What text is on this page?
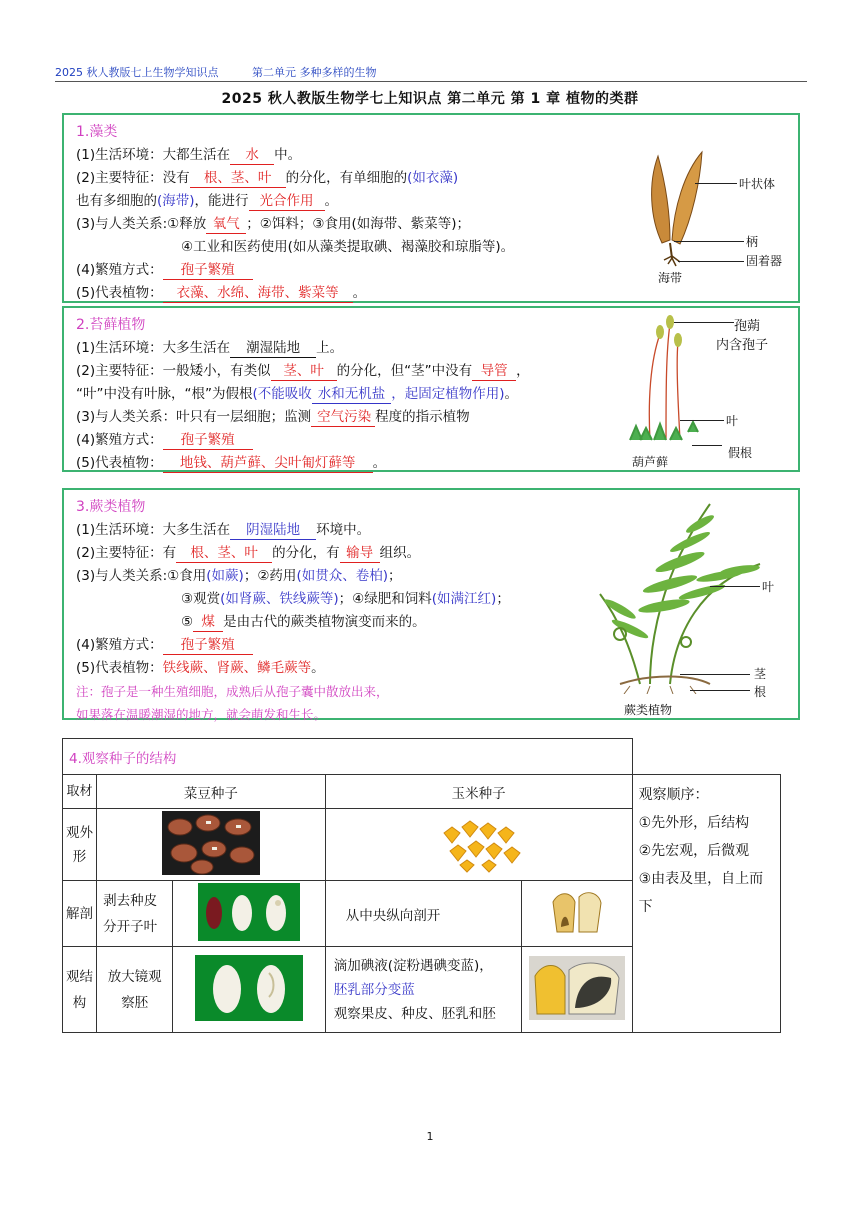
2025 秋人教版七上生物学知识点	第二单元 多种多样的生物
2025 秋人教版生物学七上知识点 第二单元 第 1 章 植物的类群
1.藻类
(1)生活环境：大都生活在 水 中。
(2)主要特征：没有 根、茎、叶 的分化，有单细胞的(如衣藻)
也有多细胞的(海带)，能进行 光合作用 。
(3)与人类关系:①释放 氧气 ；②饵料；③食用(如海带、紫菜等)；
④工业和医药使用(如从藻类提取碘、褐藻胶和琼脂等)。
(4)繁殖方式： 孢子繁殖
(5)代表植物： 衣藻、水绵、海带、紫菜等 。
叶状体
柄
固着器
海带
2.苔藓植物
(1)生活环境：大多生活在 潮湿陆地 上。
(2)主要特征：一般矮小，有类似 茎、叶 的分化，但“茎”中没有 导管 ，
“叶”中没有叶脉，“根”为假根(不能吸收 水和无机盐 ，起固定植物作用)。
(3)与人类关系：叶只有一层细胞；监测 空气污染 程度的指示植物
(4)繁殖方式： 孢子繁殖
(5)代表植物： 地钱、葫芦藓、尖叶匍灯藓等 。
孢蒴
内含孢子
叶
假根
葫芦藓
3.蕨类植物
(1)生活环境：大多生活在 阴湿陆地 环境中。
(2)主要特征：有 根、茎、叶 的分化，有 输导 组织。
(3)与人类关系:①食用(如蕨)；②药用(如贯众、卷柏)；
③观赏(如肾蕨、铁线蕨等)；④绿肥和饲料(如满江红)；
⑤ 煤 是由古代的蕨类植物演变而来的。
(4)繁殖方式： 孢子繁殖
(5)代表植物：铁线蕨、肾蕨、鳞毛蕨等。
注：孢子是一种生殖细胞，成熟后从孢子囊中散放出来，
如果落在温暖潮湿的地方，就会萌发和生长。
叶
茎
根
蕨类植物
4.观察种子的结构					
取材	菜豆种子		玉米种子		观察顺序：
①先外形，后结构
②先宏观，后微观
③由表及里，自上而下

观外形		
解剖	剥去种皮分开子叶		从中央纵向剖开	
观结构	放大镜观察胚		滴加碘液(淀粉遇碘变蓝)，
胚乳部分变蓝
观察果皮、种皮、胚乳和胚

1
